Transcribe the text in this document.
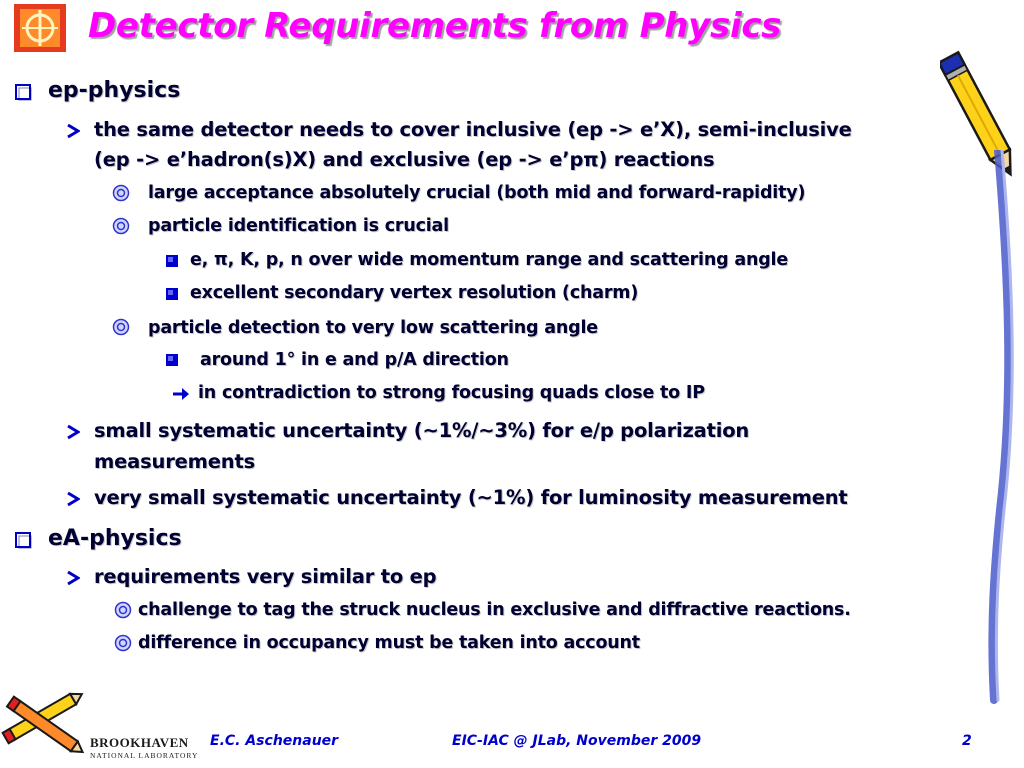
Detector Requirements from Physics
ep-physics
the same detector needs to cover inclusive (ep -> e’X), semi-inclusive
(ep -> e’hadron(s)X) and exclusive (ep -> e’pπ) reactions
large acceptance absolutely crucial (both mid and forward-rapidity)
particle identification is crucial
e, π, K, p, n over wide momentum range and scattering angle
excellent secondary vertex resolution (charm)
particle detection to very low scattering angle
around 1° in e and p/A direction
in contradiction to strong focusing quads close to IP
small systematic uncertainty (~1%/~3%) for e/p polarization
measurements
very small systematic uncertainty (~1%) for luminosity measurement
eA-physics
requirements very similar to ep
challenge to tag the struck nucleus in exclusive and diffractive reactions.
difference in occupancy must be taken into account
BROOKHAVEN
NATIONAL LABORATORY
E.C. Aschenauer	EIC-IAC @ JLab, November 2009	2
